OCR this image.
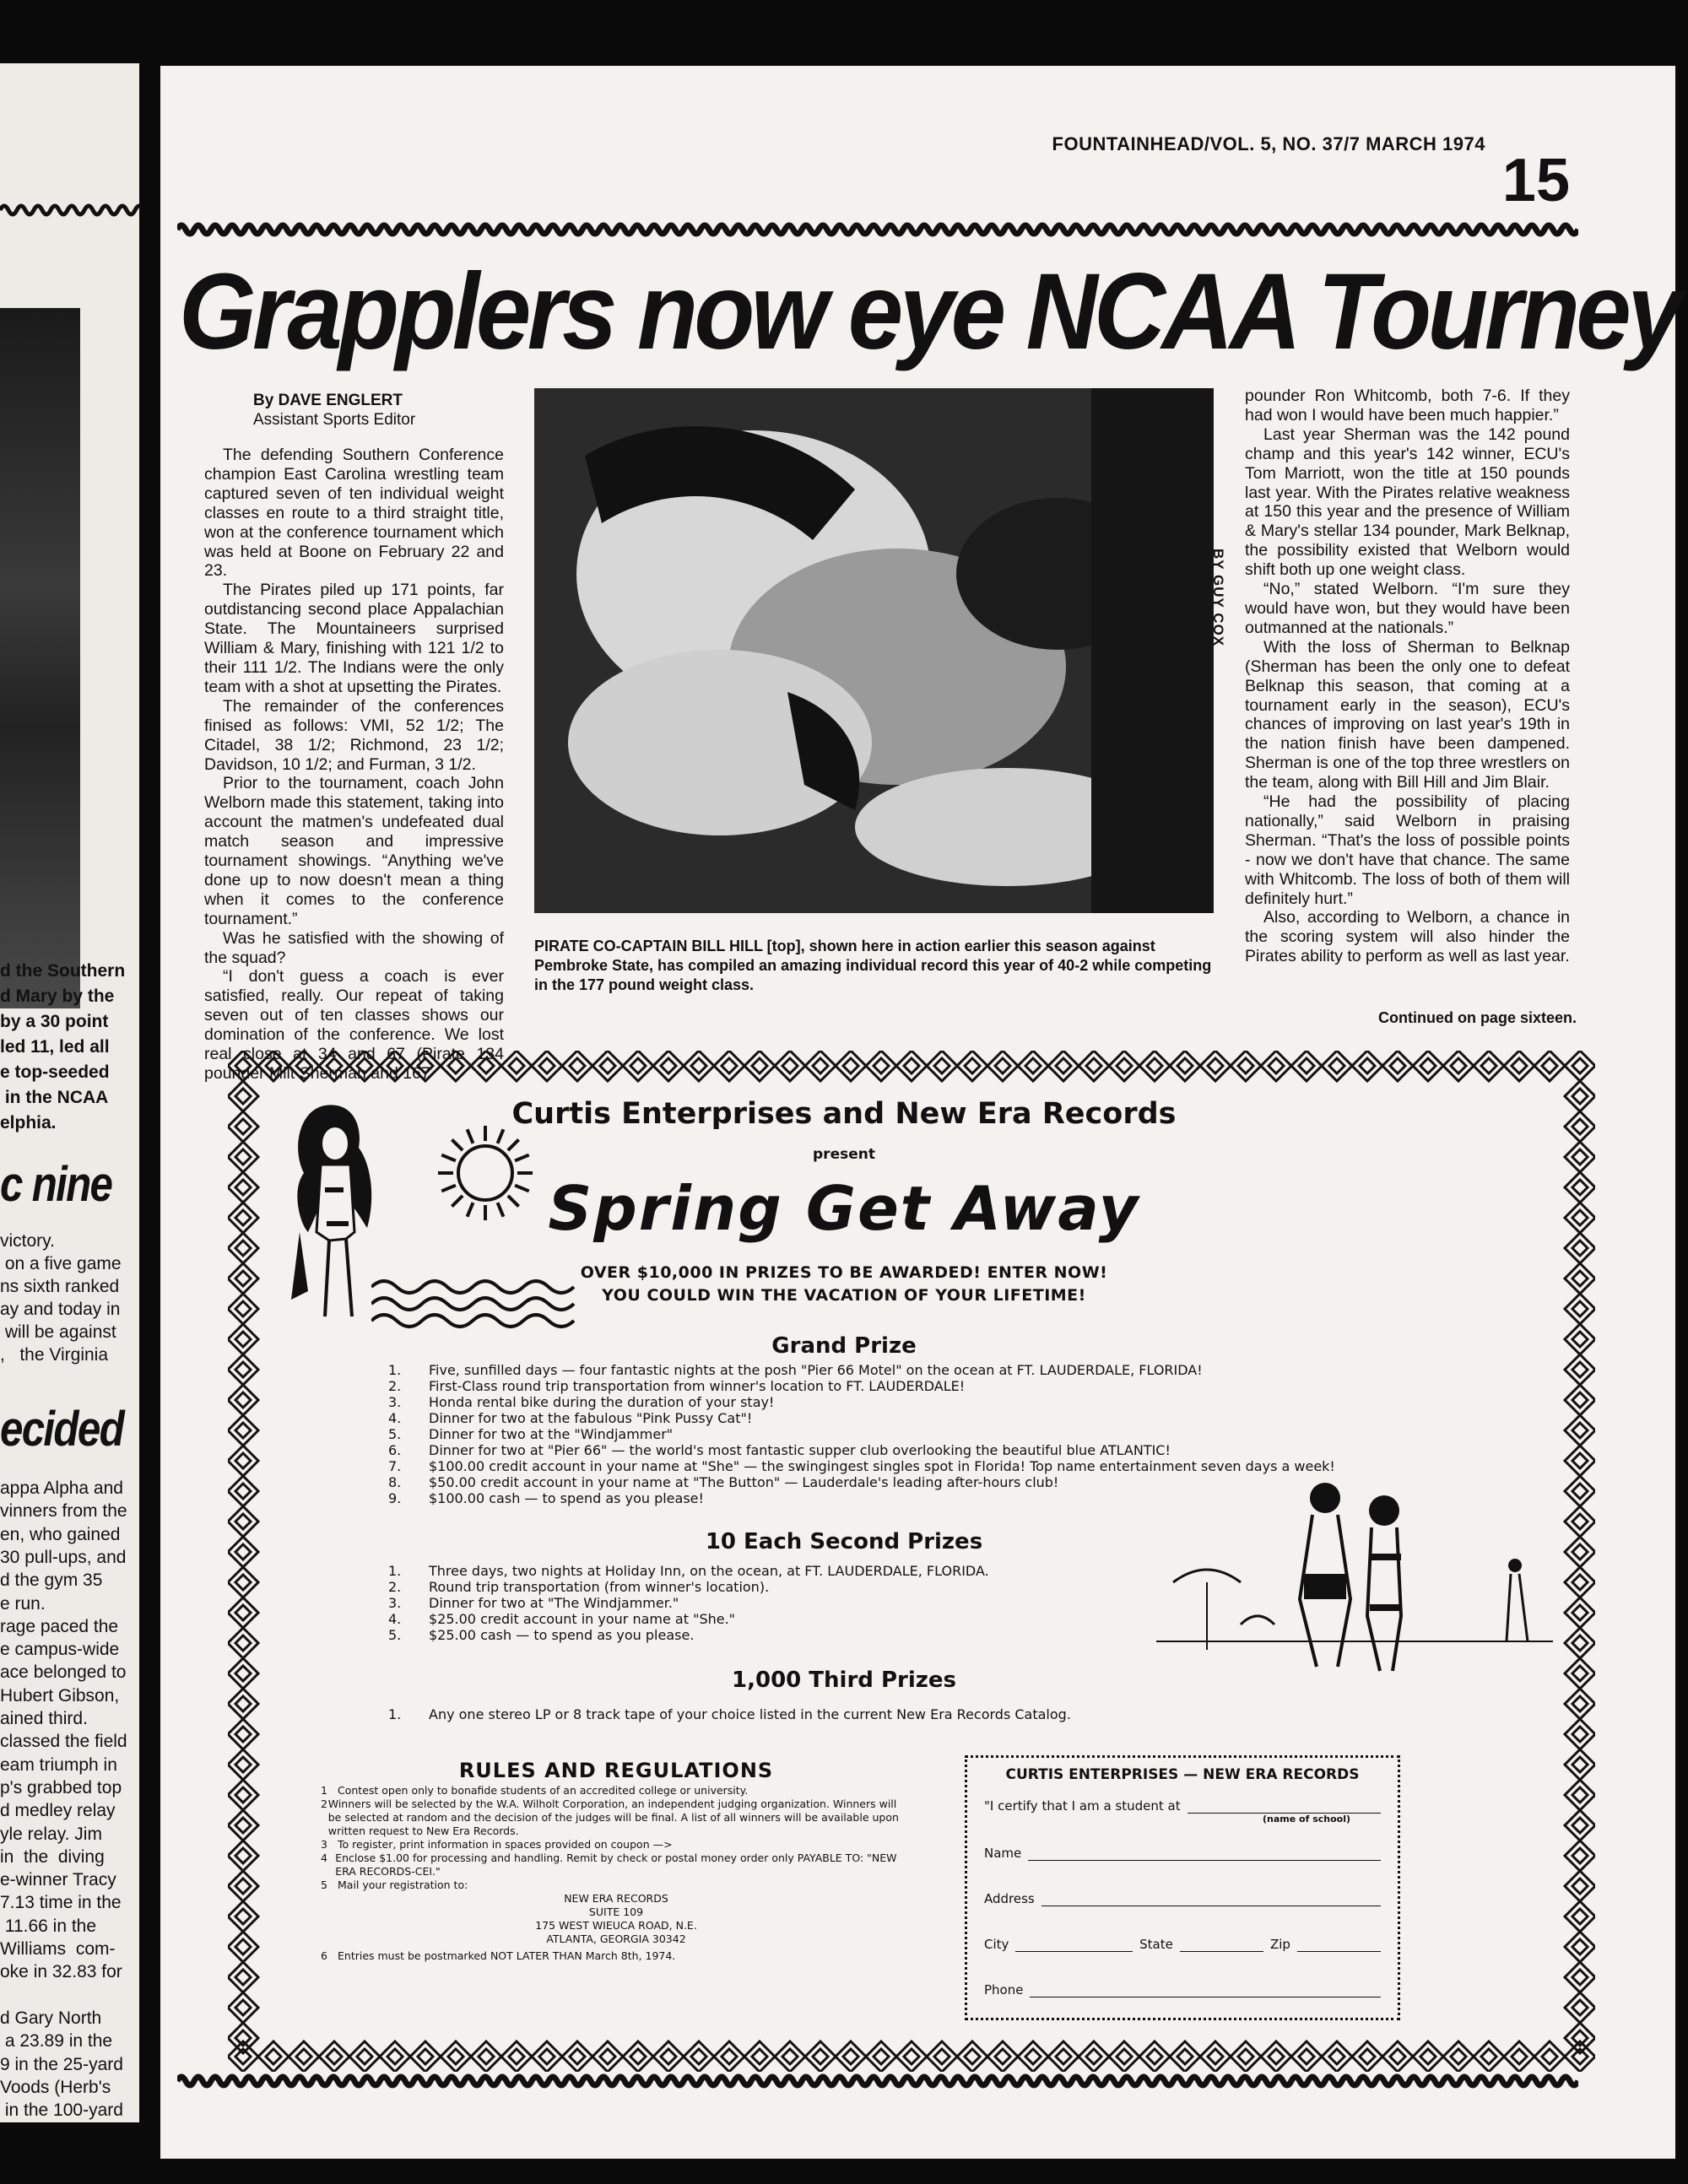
d the Southern
d Mary by the
by a 30 point
led 11, led all
e top-seeded
in the NCAA
elphia.
c nine
victory.
on a five game
ns sixth ranked
ay and today in
will be against
,   the Virginia
ecided
appa Alpha and
vinners from the
en, who gained
30 pull-ups, and
d the gym 35
e run.
rage paced the
e campus-wide
ace belonged to
Hubert Gibson,
ained third.
classed the field
eam triumph in
p's grabbed top
d medley relay
yle relay. Jim
in  the  diving
e-winner Tracy
7.13 time in the
11.66 in the
Williams  com-
oke in 32.83 for
d Gary North
a 23.89 in the
9 in the 25-yard
Voods (Herb's
in the 100-yard
FOUNTAINHEAD/VOL. 5, NO. 37/7 MARCH 1974
15
Grapplers now eye NCAA Tourney
By DAVE ENGLERT
Assistant Sports Editor

The defending Southern Conference champion East Carolina wrestling team captured seven of ten individual weight classes en route to a third straight title, won at the conference tournament which was held at Boone on February 22 and 23.

The Pirates piled up 171 points, far outdistancing second place Appalachian State. The Mountaineers surprised William & Mary, finishing with 121 1/2 to their 111 1/2. The Indians were the only team with a shot at upsetting the Pirates.

The remainder of the conferences finised as follows: VMI, 52 1/2; The Citadel, 38 1/2; Richmond, 23 1/2; Davidson, 10 1/2; and Furman, 3 1/2.

Prior to the tournament, coach John Welborn made this statement, taking into account the matmen's undefeated dual match season and impressive tournament showings. “Anything we've done up to now doesn't mean a thing when it comes to the conference tournament.”

Was he satisfied with the showing of the squad?

“I don't guess a coach is ever satisfied, really. Our repeat of taking seven out of ten classes shows our domination of the conference. We lost real close at 34 and 67 (Pirate 134 pounder Milt Sherman and 167

BY GUY COX
PIRATE CO-CAPTAIN BILL HILL [top], shown here in action earlier this season against Pembroke State, has compiled an amazing individual record this year of 40-2 while competing in the 177 pound weight class.

pounder Ron Whitcomb, both 7-6. If they had won I would have been much happier.”

Last year Sherman was the 142 pound champ and this year's 142 winner, ECU's Tom Marriott, won the title at 150 pounds last year. With the Pirates relative weakness at 150 this year and the presence of William & Mary's stellar 134 pounder, Mark Belknap, the possibility existed that Welborn would shift both up one weight class.

“No,” stated Welborn. “I'm sure they would have won, but they would have been outmanned at the nationals.”

With the loss of Sherman to Belknap (Sherman has been the only one to defeat Belknap this season, that coming at a tournament early in the season), ECU's chances of improving on last year's 19th in the nation finish have been dampened. Sherman is one of the top three wrestlers on the team, along with Bill Hill and Jim Blair.

“He had the possibility of placing nationally,” said Welborn in praising Sherman. “That's the loss of possible points - now we don't have that chance. The same with Whitcomb. The loss of both of them will definitely hurt.”

Also, according to Welborn, a chance in the scoring system will also hinder the Pirates ability to perform as well as last year.

Continued on page sixteen.
Curtis Enterprises and New Era Records
present
Spring Get Away
OVER $10,000 IN PRIZES TO BE AWARDED! ENTER NOW!
YOU COULD WIN THE VACATION OF YOUR LIFETIME!
Grand Prize
1.	Five, sunfilled days — four fantastic nights at the posh "Pier 66 Motel" on the ocean at FT. LAUDERDALE, FLORIDA!
2.	First-Class round trip transportation from winner's location to FT. LAUDERDALE!
3.	Honda rental bike during the duration of your stay!
4.	Dinner for two at the fabulous "Pink Pussy Cat"!
5.	Dinner for two at the "Windjammer"
6.	Dinner for two at "Pier 66" — the world's most fantastic supper club overlooking the beautiful blue ATLANTIC!
7.	$100.00 credit account in your name at "She" — the swingingest singles spot in Florida! Top name entertainment seven days a week!
8.	$50.00 credit account in your name at "The Button" — Lauderdale's leading after-hours club!
9.	$100.00 cash — to spend as you please!
10 Each Second Prizes
1.	Three days, two nights at Holiday Inn, on the ocean, at FT. LAUDERDALE, FLORIDA.
2.	Round trip transportation (from winner's location).
3.	Dinner for two at "The Windjammer."
4.	$25.00 credit account in your name at "She."
5.	$25.00 cash — to spend as you please.
1,000 Third Prizes
1.	Any one stereo LP or 8 track tape of your choice listed in the current New Era Records Catalog.
RULES AND REGULATIONS
1 Contest open only to bonafide students of an accredited college or university.
2 Winners will be selected by the W.A. Wilholt Corporation, an independent judging organization. Winners will be selected at random and the decision of the judges will be final. A list of all winners will be available upon written request to New Era Records.
3 To register, print information in spaces provided on coupon —>
4 Enclose $1.00 for processing and handling. Remit by check or postal money order only PAYABLE TO: "NEW ERA RECORDS-CEI."
5 Mail your registration to:
NEW ERA RECORDS
SUITE 109
175 WEST WIEUCA ROAD, N.E.
ATLANTA, GEORGIA 30342
6 Entries must be postmarked NOT LATER THAN March 8th, 1974.
CURTIS ENTERPRISES — NEW ERA RECORDS
"I certify that I am a student at
(name of school)
Name
Address
City	State	Zip
Phone
